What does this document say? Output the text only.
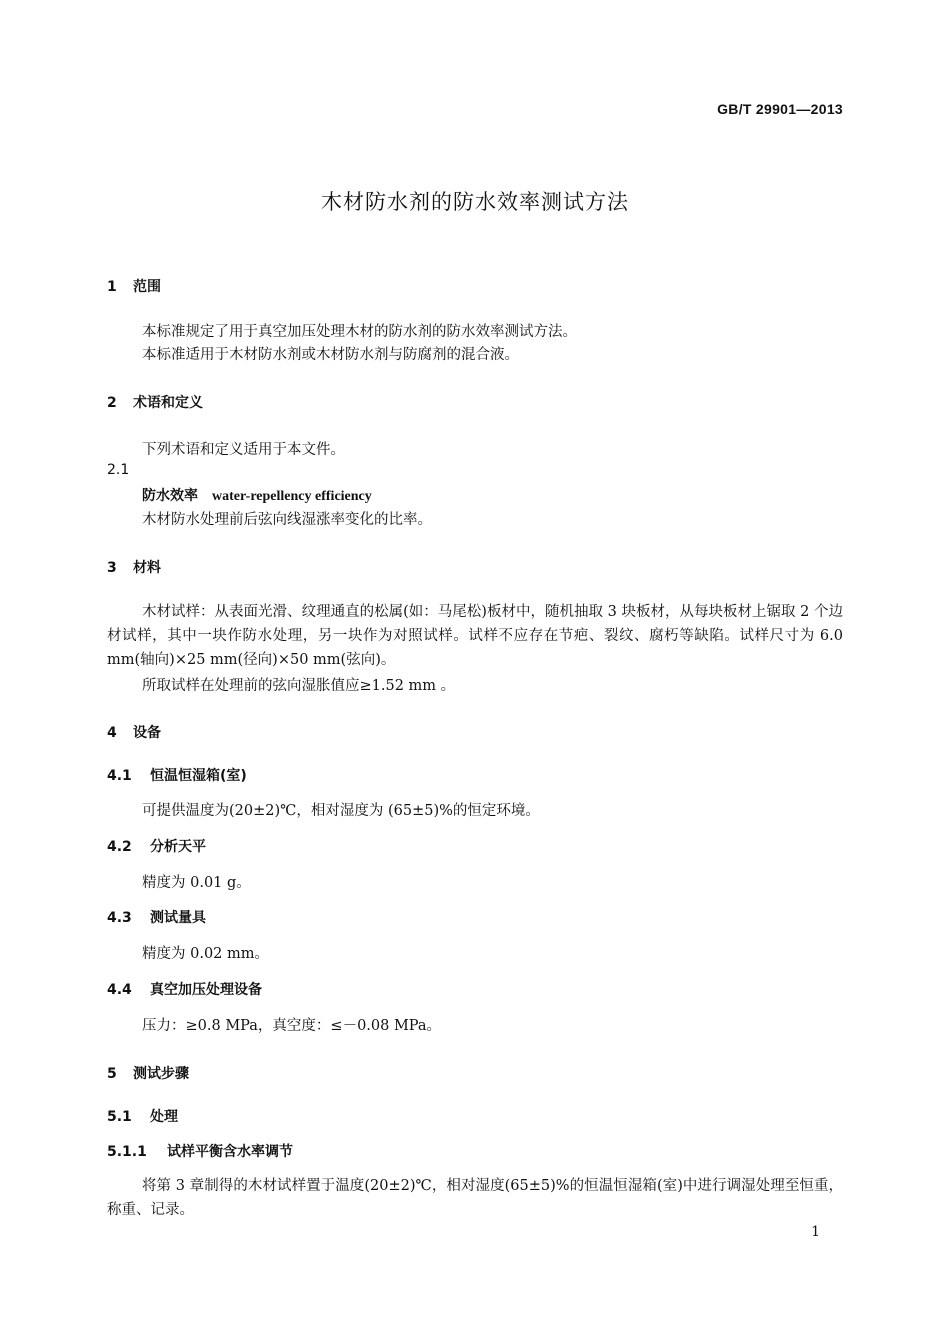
GB/T 29901—2013
木材防水剂的防水效率测试方法
1 范围
本标准规定了用于真空加压处理木材的防水剂的防水效率测试方法。
本标准适用于木材防水剂或木材防水剂与防腐剂的混合液。
2 术语和定义
下列术语和定义适用于本文件。
2.1
防水效率 water-repellency efficiency
木材防水处理前后弦向线湿涨率变化的比率。
3 材料
木材试样：从表面光滑、纹理通直的松属(如：马尾松)板材中，随机抽取 3 块板材，从每块板材上锯取 2 个边材试样，其中一块作防水处理，另一块作为对照试样。试样不应存在节疤、裂纹、腐朽等缺陷。试样尺寸为 6.0 mm(轴向)×25 mm(径向)×50 mm(弦向)。
所取试样在处理前的弦向湿胀值应≥1.52 mm 。
4 设备
4.1 恒温恒湿箱(室)
可提供温度为(20±2)℃，相对湿度为 (65±5)%的恒定环境。
4.2 分析天平
精度为 0.01 g。
4.3 测试量具
精度为 0.02 mm。
4.4 真空加压处理设备
压力：≥0.8 MPa，真空度：≤－0.08 MPa。
5 测试步骤
5.1 处理
5.1.1 试样平衡含水率调节
将第 3 章制得的木材试样置于温度(20±2)℃，相对湿度(65±5)%的恒温恒湿箱(室)中进行调湿处理至恒重，称重、记录。
1
